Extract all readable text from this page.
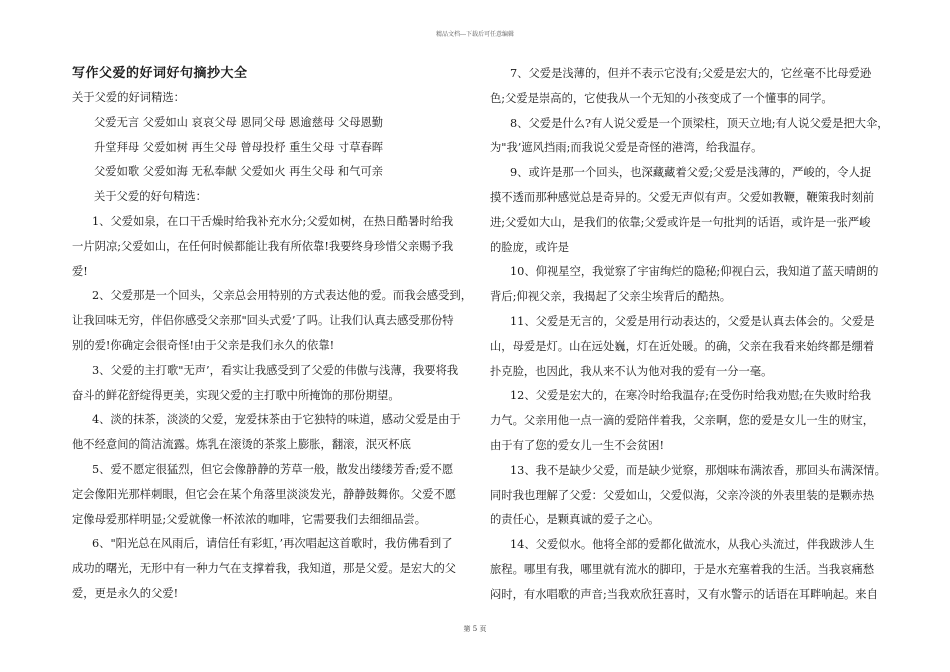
精品文档---下载后可任意编辑
写作父爱的好词好句摘抄大全
关于父爱的好词精选：
父爱无言 父爱如山 哀哀父母 恩同父母 恩逾慈母 父母恩勤
升堂拜母 父爱如树 再生父母 曾母投杼 重生父母 寸草春晖
父爱如歌 父爱如海 无私奉献 父爱如火 再生父母 和气可亲
关于父爱的好句精选：
1、父爱如泉，在口干舌燥时给我补充水分;父爱如树，在热日酷暑时给我
一片阴凉;父爱如山，在任何时候都能让我有所依靠!我要终身珍惜父亲赐予我
爱!
2、父爱那是一个回头，父亲总会用特别的方式表达他的爱。而我会感受到，
让我回味无穷，伴侣你感受父亲那"回头式爱’了吗。让我们认真去感受那份特
别的爱!你确定会很奇怪!由于父亲是我们永久的依靠!
3、父爱的主打歌"无声’，看实让我感受到了父爱的伟傲与浅薄，我要将我
奋斗的鲜花舒绽得更美，实现父爱的主打歌中所掩饰的那份期望。
4、淡的抹茶，淡淡的父爱，宠爱抹茶由于它独特的味道，感动父爱是由于
他不经意间的简洁流露。炼乳在滚烫的茶浆上膨胀，翻滚，泯灭杯底
5、爱不愿定很猛烈，但它会像静静的芳草一般，散发出缕缕芳香;爱不愿
定会像阳光那样刺眼，但它会在某个角落里淡淡发光，静静鼓舞你。父爱不愿
定像母爱那样明显;父爱就像一杯浓浓的咖啡，它需要我们去细细品尝。
6、"阳光总在风雨后，请信任有彩虹，’再次唱起这首歌时，我仿佛看到了
成功的曙光，无形中有一种力气在支撑着我，我知道，那是父爱。是宏大的父
爱，更是永久的父爱!
7、父爱是浅薄的，但并不表示它没有;父爱是宏大的，它丝毫不比母爱逊
色;父爱是崇高的，它使我从一个无知的小孩变成了一个懂事的同学。
8、父爱是什么?有人说父爱是一个顶梁柱，顶天立地;有人说父爱是把大伞，
为"我’遮风挡雨;而我说父爱是奇怪的港湾，给我温存。
9、或许是那一个回头，也深藏藏着父爱;父爱是浅薄的，严峻的，令人捉
摸不透而那种感觉总是奇异的。父爱无声似有声。父爱如教鞭，鞭策我时刻前
进;父爱如大山，是我们的依靠;父爱或许是一句批判的话语，或许是一张严峻
的脸庞，或许是
10、仰视星空，我觉察了宇宙绚烂的隐秘;仰视白云，我知道了蓝天晴朗的
背后;仰视父亲，我揭起了父亲尘埃背后的酷热。
11、父爱是无言的，父爱是用行动表达的，父爱是认真去体会的。父爱是
山，母爱是灯。山在远处巍，灯在近处暖。的确，父亲在我看来始终都是绷着
扑克脸，也因此，我从来不认为他对我的爱有一分一毫。
12、父爱是宏大的，在寒冷时给我温存;在受伤时给我劝慰;在失败时给我
力气。父亲用他一点一滴的爱陪伴着我，父亲啊，您的爱是女儿一生的财宝，
由于有了您的爱女儿一生不会贫困!
13、我不是缺少父爱，而是缺少觉察，那烟味布满浓香，那回头布满深情。
同时我也理解了父爱：父爱如山，父爱似海，父亲冷淡的外表里装的是颗赤热
的责任心，是颗真诚的爱子之心。
14、父爱似水。他将全部的爱都化做流水，从我心头流过，伴我跋涉人生
旅程。哪里有我，哪里就有流水的脚印，于是水充塞着我的生活。当我哀痛愁
闷时，有水唱歌的声音;当我欢欣狂喜时，又有水警示的话语在耳畔响起。来自
第 5 页
